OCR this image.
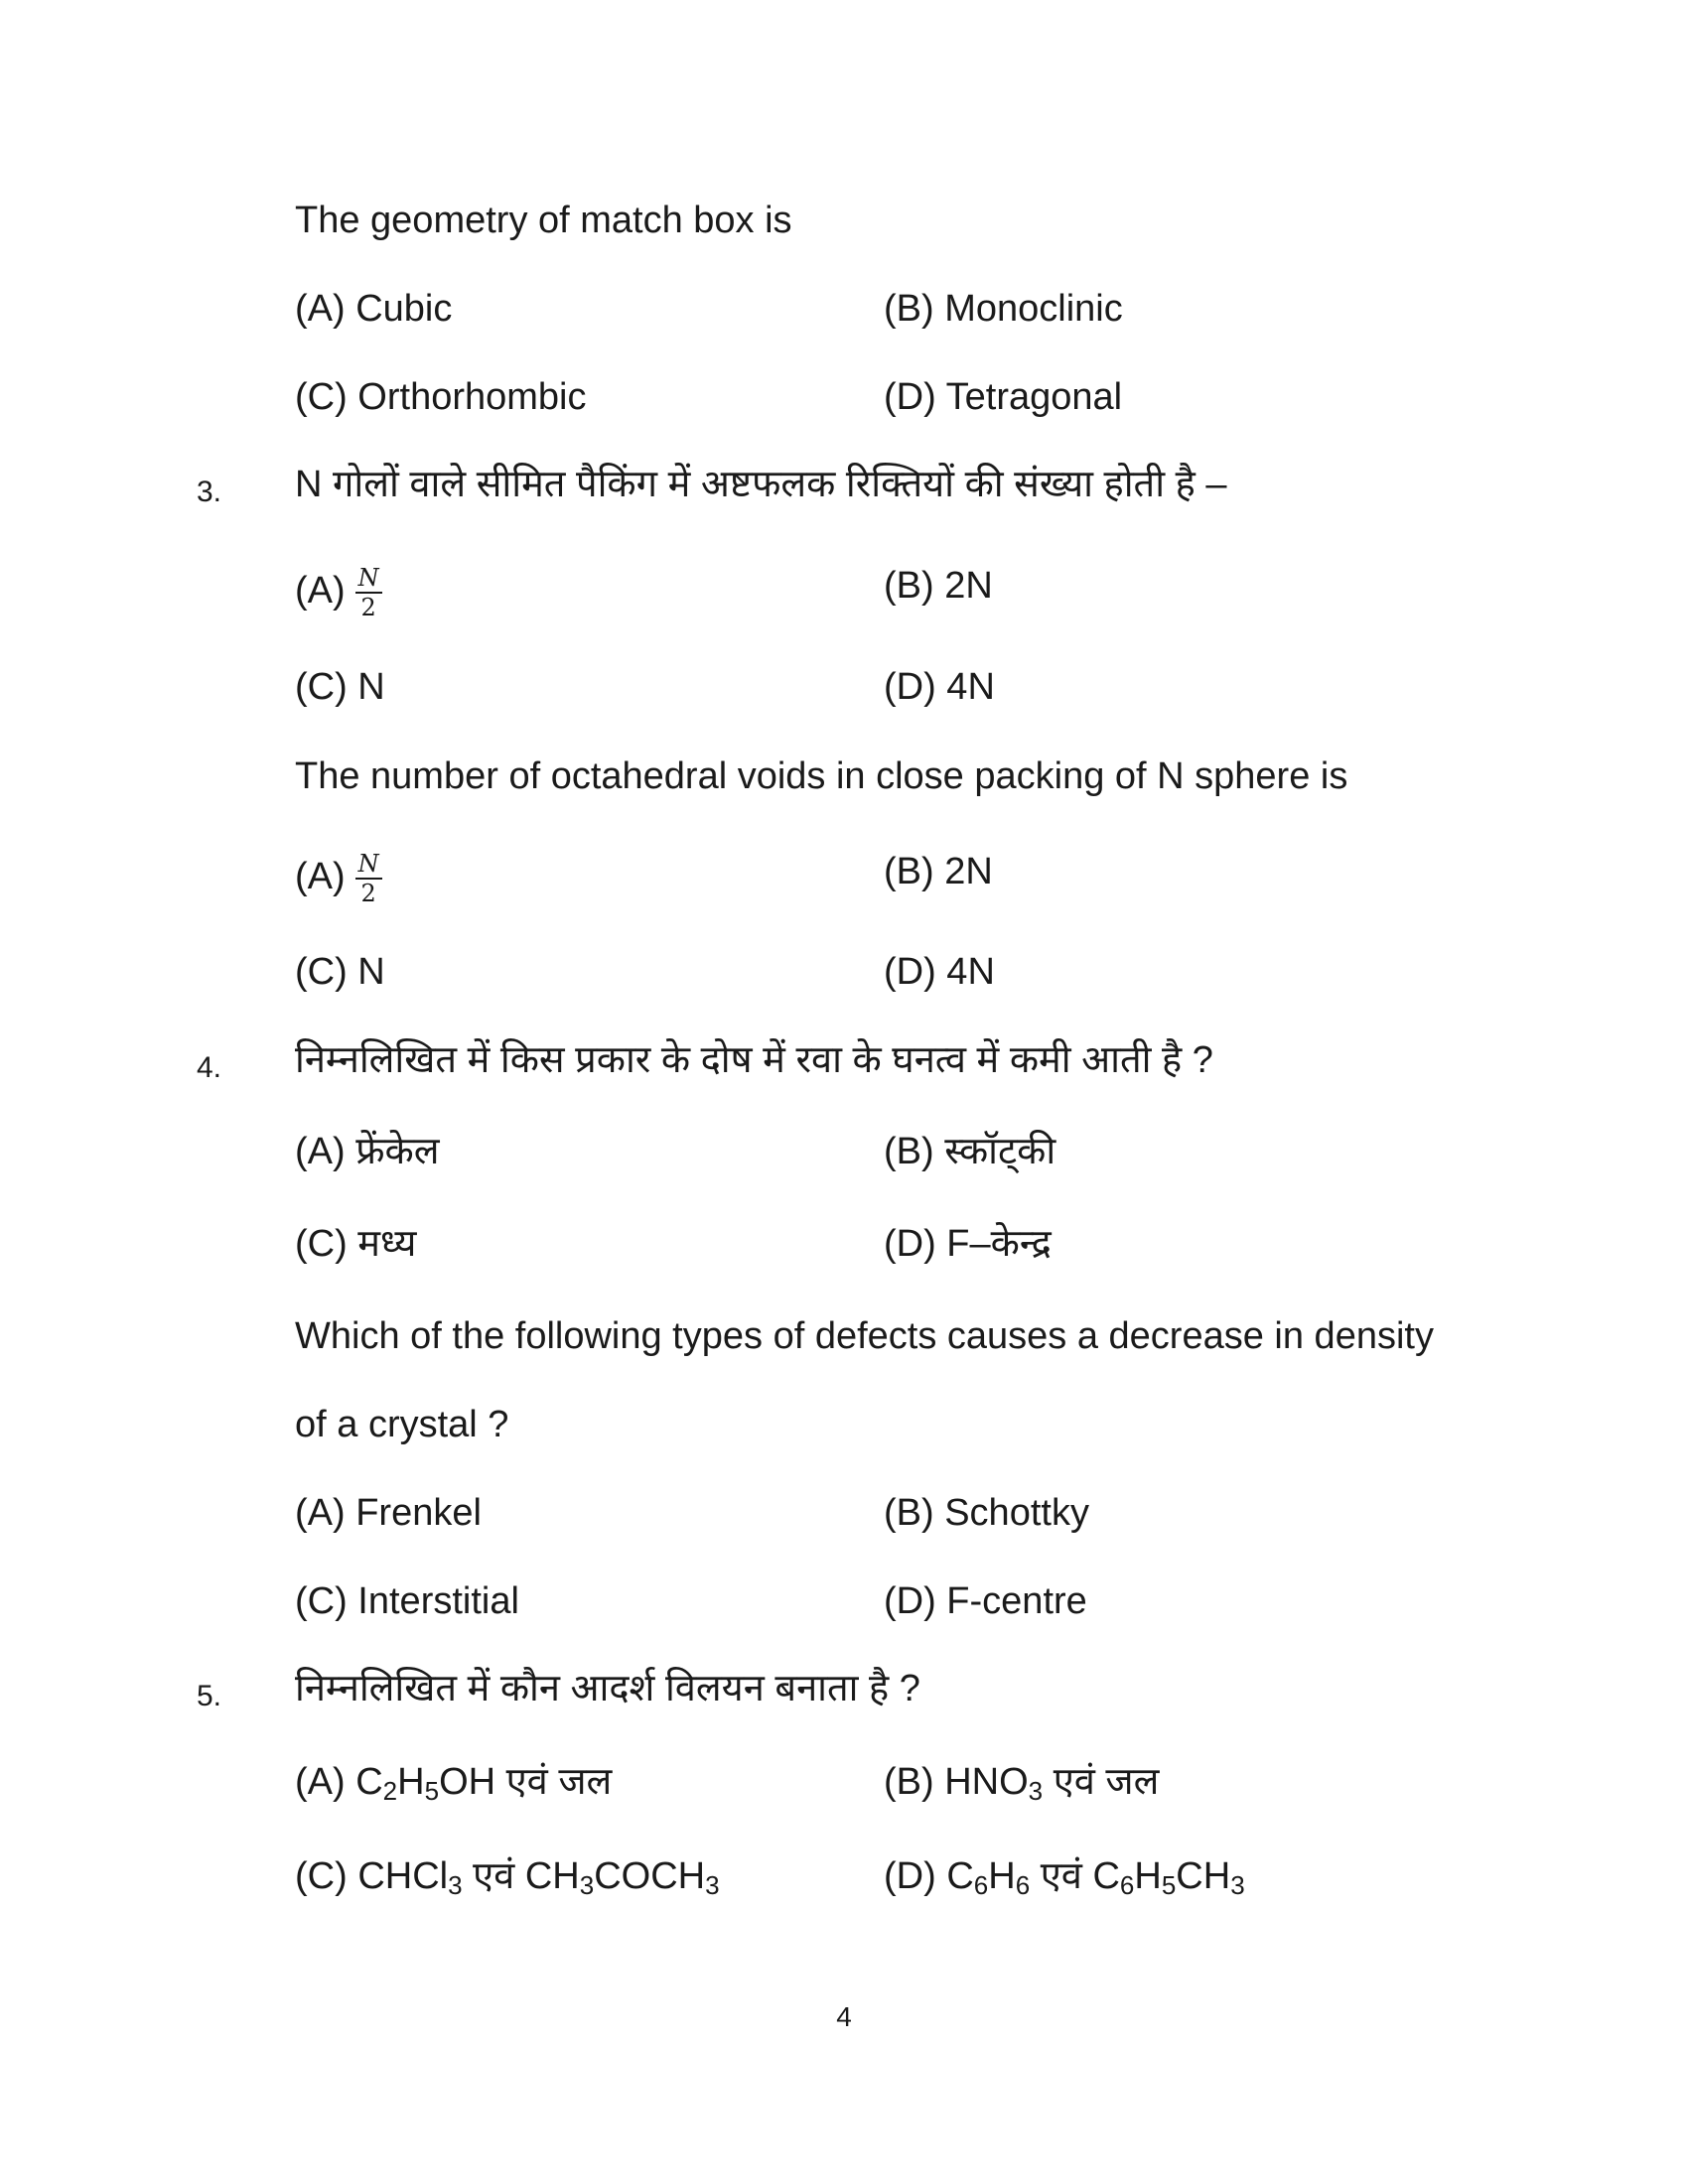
The geometry of match box is
(A) Cubic	(B) Monoclinic
(C) Orthorhombic	(D) Tetragonal
3. N गोलों वाले सीमित पैकिंग में अष्टफलक रिक्तियों की संख्या होती है –
$(A) \frac{N}{2}$	(B) 2N
(C) N	(D) 4N
The number of octahedral voids in close packing of N sphere is
$(A) \frac{N}{2}$	(B) 2N
(C) N	(D) 4N
4. निम्नलिखित में किस प्रकार के दोष में रवा के घनत्व में कमी आती है ?
(A) फ्रेंकेल	(B) स्कॉट्की
(C) मध्य	(D) F–केन्द्र
Which of the following types of defects causes a decrease in density
of a crystal ?
(A) Frenkel	(B) Schottky
(C) Interstitial	(D) F-centre
5. निम्नलिखित में कौन आदर्श विलयन बनाता है ?
(A) $C_2H_5OH$ एवं जल	(B) $HNO_3$ एवं जल
(C) CHCl$_3$ एवं $CH_3COCH_3$	(D) $C_6H_6$ एवं $C_6H_5CH_3$
4
